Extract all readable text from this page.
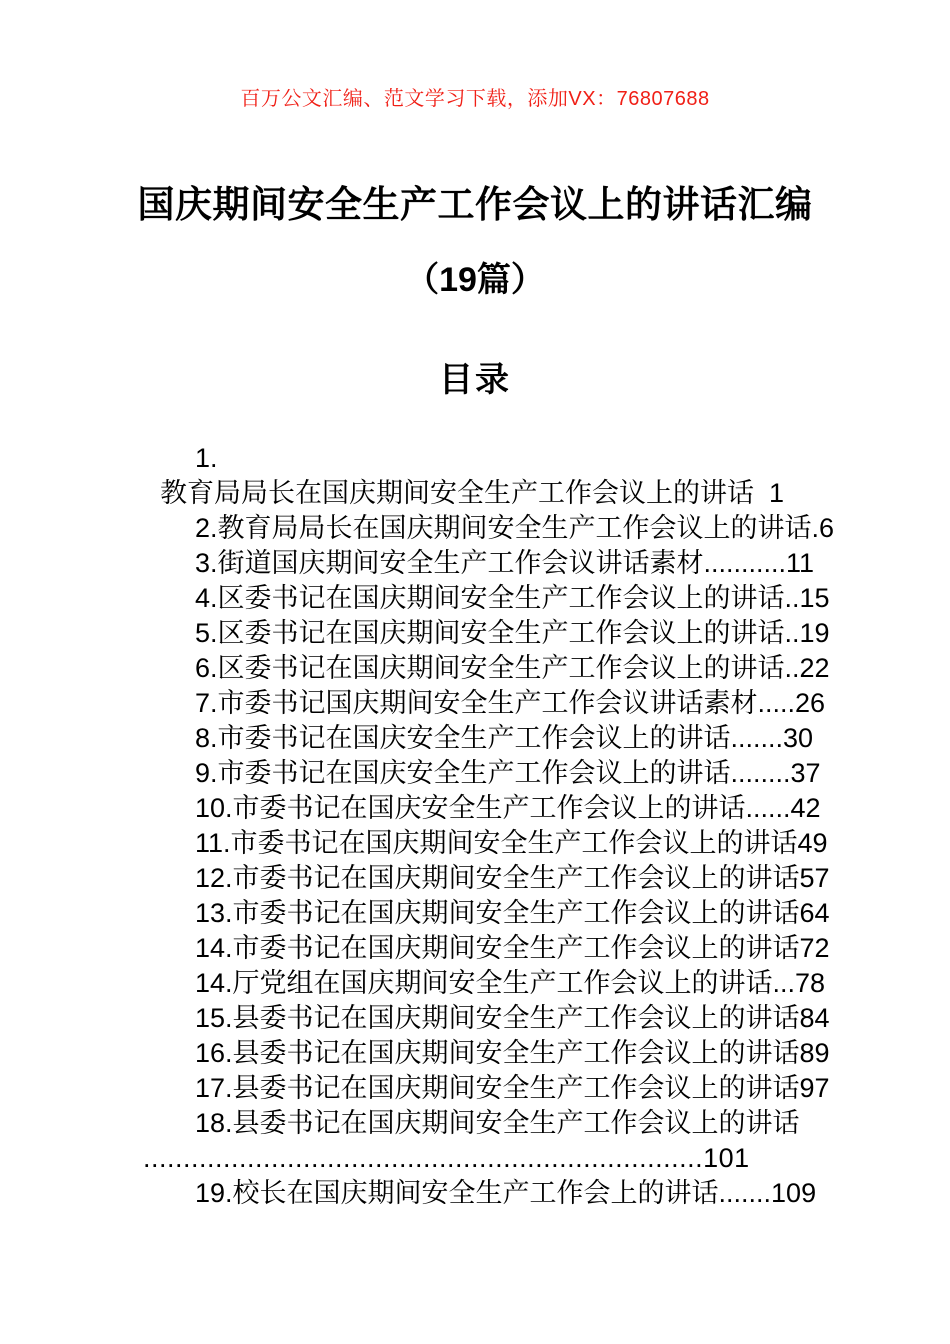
百万公文汇编、范文学习下载，添加VX：76807688
国庆期间安全生产工作会议上的讲话汇编
（19篇）
目录
1.
教育局局长在国庆期间安全生产工作会议上的讲话  1
2.教育局局长在国庆期间安全生产工作会议上的讲话.6
3.街道国庆期间安全生产工作会议讲话素材...........11
4.区委书记在国庆期间安全生产工作会议上的讲话..15
5.区委书记在国庆期间安全生产工作会议上的讲话..19
6.区委书记在国庆期间安全生产工作会议上的讲话..22
7.市委书记国庆期间安全生产工作会议讲话素材.....26
8.市委书记在国庆安全生产工作会议上的讲话.......30
9.市委书记在国庆安全生产工作会议上的讲话........37
10.市委书记在国庆安全生产工作会议上的讲话......42
11.市委书记在国庆期间安全生产工作会议上的讲话49
12.市委书记在国庆期间安全生产工作会议上的讲话57
13.市委书记在国庆期间安全生产工作会议上的讲话64
14.市委书记在国庆期间安全生产工作会议上的讲话72
14.厅党组在国庆期间安全生产工作会议上的讲话...78
15.县委书记在国庆期间安全生产工作会议上的讲话84
16.县委书记在国庆期间安全生产工作会议上的讲话89
17.县委书记在国庆期间安全生产工作会议上的讲话97
18.县委书记在国庆期间安全生产工作会议上的讲话
......................................................................101
19.校长在国庆期间安全生产工作会上的讲话.......109
